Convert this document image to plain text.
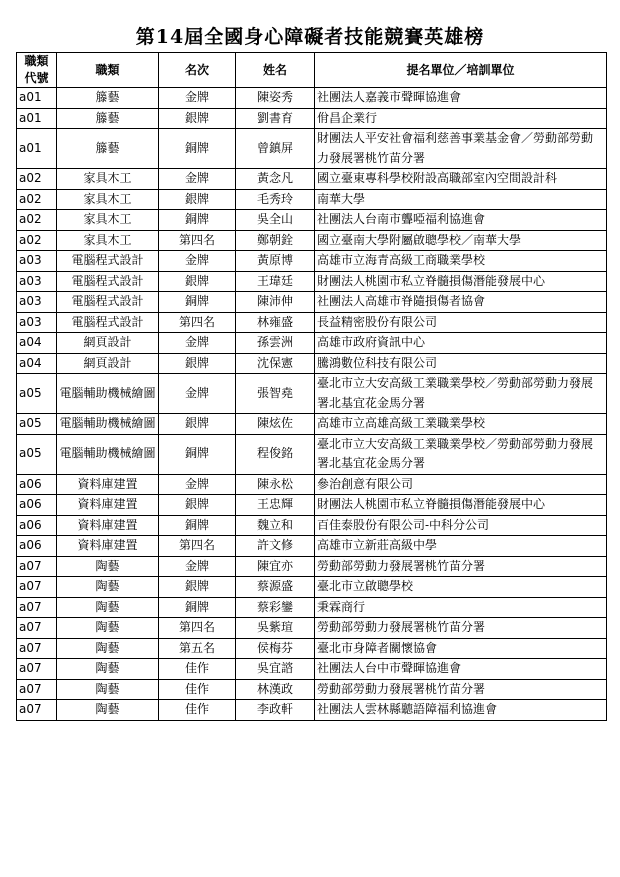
第14屆全國身心障礙者技能競賽英雄榜
職類代號	職類	名次	姓名	提名單位／培訓單位
a01	籐藝	金牌	陳姿秀	社團法人嘉義市聲暉協進會
a01	籐藝	銀牌	劉書育	佾昌企業行
a01	籐藝	銅牌	曾鎮屏	財團法人平安社會福利慈善事業基金會／勞動部勞動力發展署桃竹苗分署
a02	家具木工	金牌	黃念凡	國立臺東專科學校附設高職部室內空間設計科
a02	家具木工	銀牌	毛秀玲	南華大學
a02	家具木工	銅牌	吳全山	社團法人台南市聾啞福利協進會
a02	家具木工	第四名	鄭朝銓	國立臺南大學附屬啟聰學校／南華大學
a03	電腦程式設計	金牌	黃原博	高雄市立海青高級工商職業學校
a03	電腦程式設計	銀牌	王瑋廷	財團法人桃園市私立脊髓損傷潛能發展中心
a03	電腦程式設計	銅牌	陳沛伸	社團法人高雄市脊隨損傷者協會
a03	電腦程式設計	第四名	林雍盛	長益精密股份有限公司
a04	網頁設計	金牌	孫雲洲	高雄市政府資訊中心
a04	網頁設計	銀牌	沈保憲	騰鴻數位科技有限公司
a05	電腦輔助機械繪圖	金牌	張智堯	臺北市立大安高級工業職業學校／勞動部勞動力發展署北基宜花金馬分署
a05	電腦輔助機械繪圖	銀牌	陳炫佐	高雄市立高雄高級工業職業學校
a05	電腦輔助機械繪圖	銅牌	程俊銘	臺北市立大安高級工業職業學校／勞動部勞動力發展署北基宜花金馬分署
a06	資料庫建置	金牌	陳永松	參治創意有限公司
a06	資料庫建置	銀牌	王忠輝	財團法人桃園市私立脊髓損傷潛能發展中心
a06	資料庫建置	銅牌	魏立和	百佳泰股份有限公司-中科分公司
a06	資料庫建置	第四名	許文修	高雄市立新莊高級中學
a07	陶藝	金牌	陳宜亦	勞動部勞動力發展署桃竹苗分署
a07	陶藝	銀牌	蔡源盛	臺北市立啟聰學校
a07	陶藝	銅牌	蔡彩鑾	秉霖商行
a07	陶藝	第四名	吳紫瑄	勞動部勞動力發展署桃竹苗分署
a07	陶藝	第五名	侯梅芬	臺北市身障者關懷協會
a07	陶藝	佳作	吳宜諮	社團法人台中市聲暉協進會
a07	陶藝	佳作	林漢政	勞動部勞動力發展署桃竹苗分署
a07	陶藝	佳作	李政軒	社團法人雲林縣聽語障福利協進會
